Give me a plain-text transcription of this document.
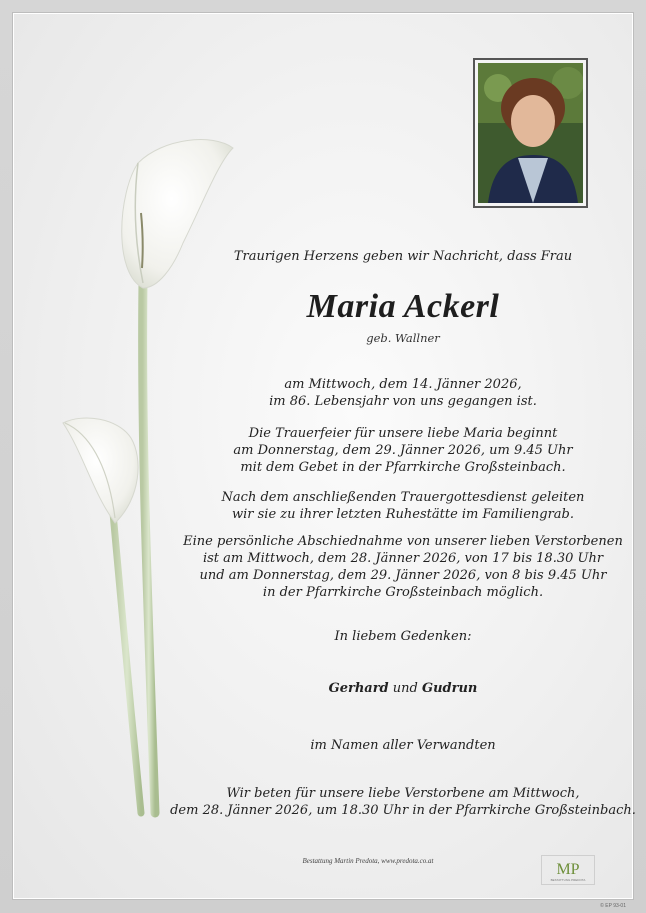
Traurigen Herzens geben wir Nachricht, dass Frau
Maria Ackerl
geb. Wallner
am Mittwoch, dem 14. Jänner 2026,
im 86. Lebensjahr von uns gegangen ist.
Die Trauerfeier für unsere liebe Maria beginnt
am Donnerstag, dem 29. Jänner 2026, um 9.45 Uhr
mit dem Gebet in der Pfarrkirche Großsteinbach.
Nach dem anschließenden Trauergottesdienst geleiten
wir sie zu ihrer letzten Ruhestätte im Familiengrab.
Eine persönliche Abschiednahme von unserer lieben Verstorbenen
ist am Mittwoch, dem 28. Jänner 2026, von 17 bis 18.30 Uhr
und am Donnerstag, dem 29. Jänner 2026, von 8 bis 9.45 Uhr
in der Pfarrkirche Großsteinbach möglich.
In liebem Gedenken:
Gerhard und Gudrun
im Namen aller Verwandten
Wir beten für unsere liebe Verstorbene am Mittwoch,
dem 28. Jänner 2026, um 18.30 Uhr in der Pfarrkirche Großsteinbach.
Bestattung Martin Predota, www.predota.co.at	MP
BESTATTUNG PREDOTA
© EP 93-01
